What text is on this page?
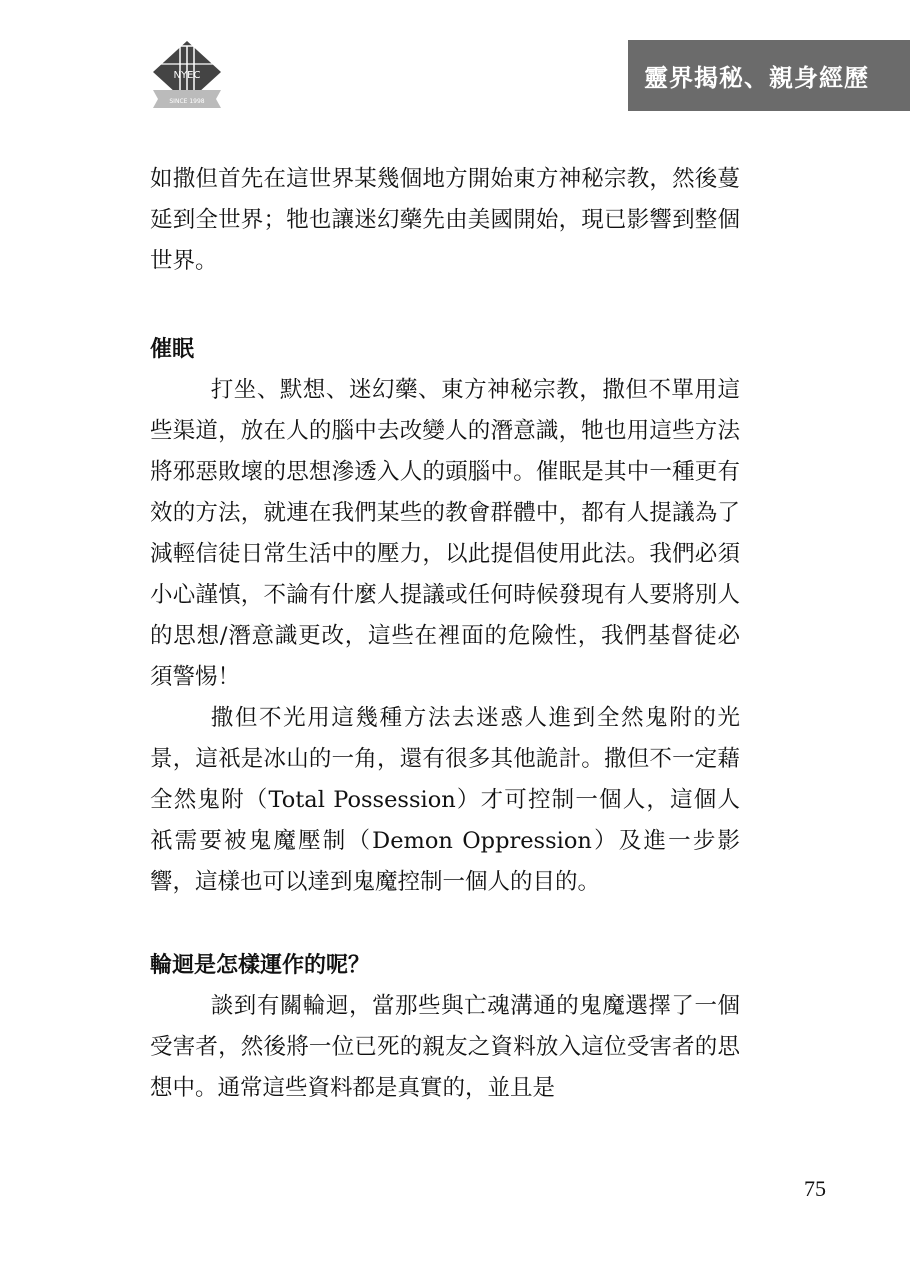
NYEC
SINCE 1998
靈界揭秘、親身經歷

如撒但首先在這世界某幾個地方開始東方神秘宗教，然後蔓延到全世界；牠也讓迷幻藥先由美國開始，現已影響到整個世界。

催眠

打坐、默想、迷幻藥、東方神秘宗教，撒但不單用這些渠道，放在人的腦中去改變人的潛意識，牠也用這些方法將邪惡敗壞的思想滲透入人的頭腦中。催眠是其中一種更有效的方法，就連在我們某些的教會群體中，都有人提議為了減輕信徒日常生活中的壓力，以此提倡使用此法。我們必須小心謹慎，不論有什麼人提議或任何時候發現有人要將別人的思想/潛意識更改，這些在裡面的危險性，我們基督徒必須警惕！

撒但不光用這幾種方法去迷惑人進到全然鬼附的光景，這祇是冰山的一角，還有很多其他詭計。撒但不一定藉全然鬼附（Total Possession）才可控制一個人，這個人祇需要被鬼魔壓制（Demon Oppression）及進一步影響，這樣也可以達到鬼魔控制一個人的目的。

輪迴是怎樣運作的呢？

談到有關輪迴，當那些與亡魂溝通的鬼魔選擇了一個受害者，然後將一位已死的親友之資料放入這位受害者的思想中。通常這些資料都是真實的，並且是

75
